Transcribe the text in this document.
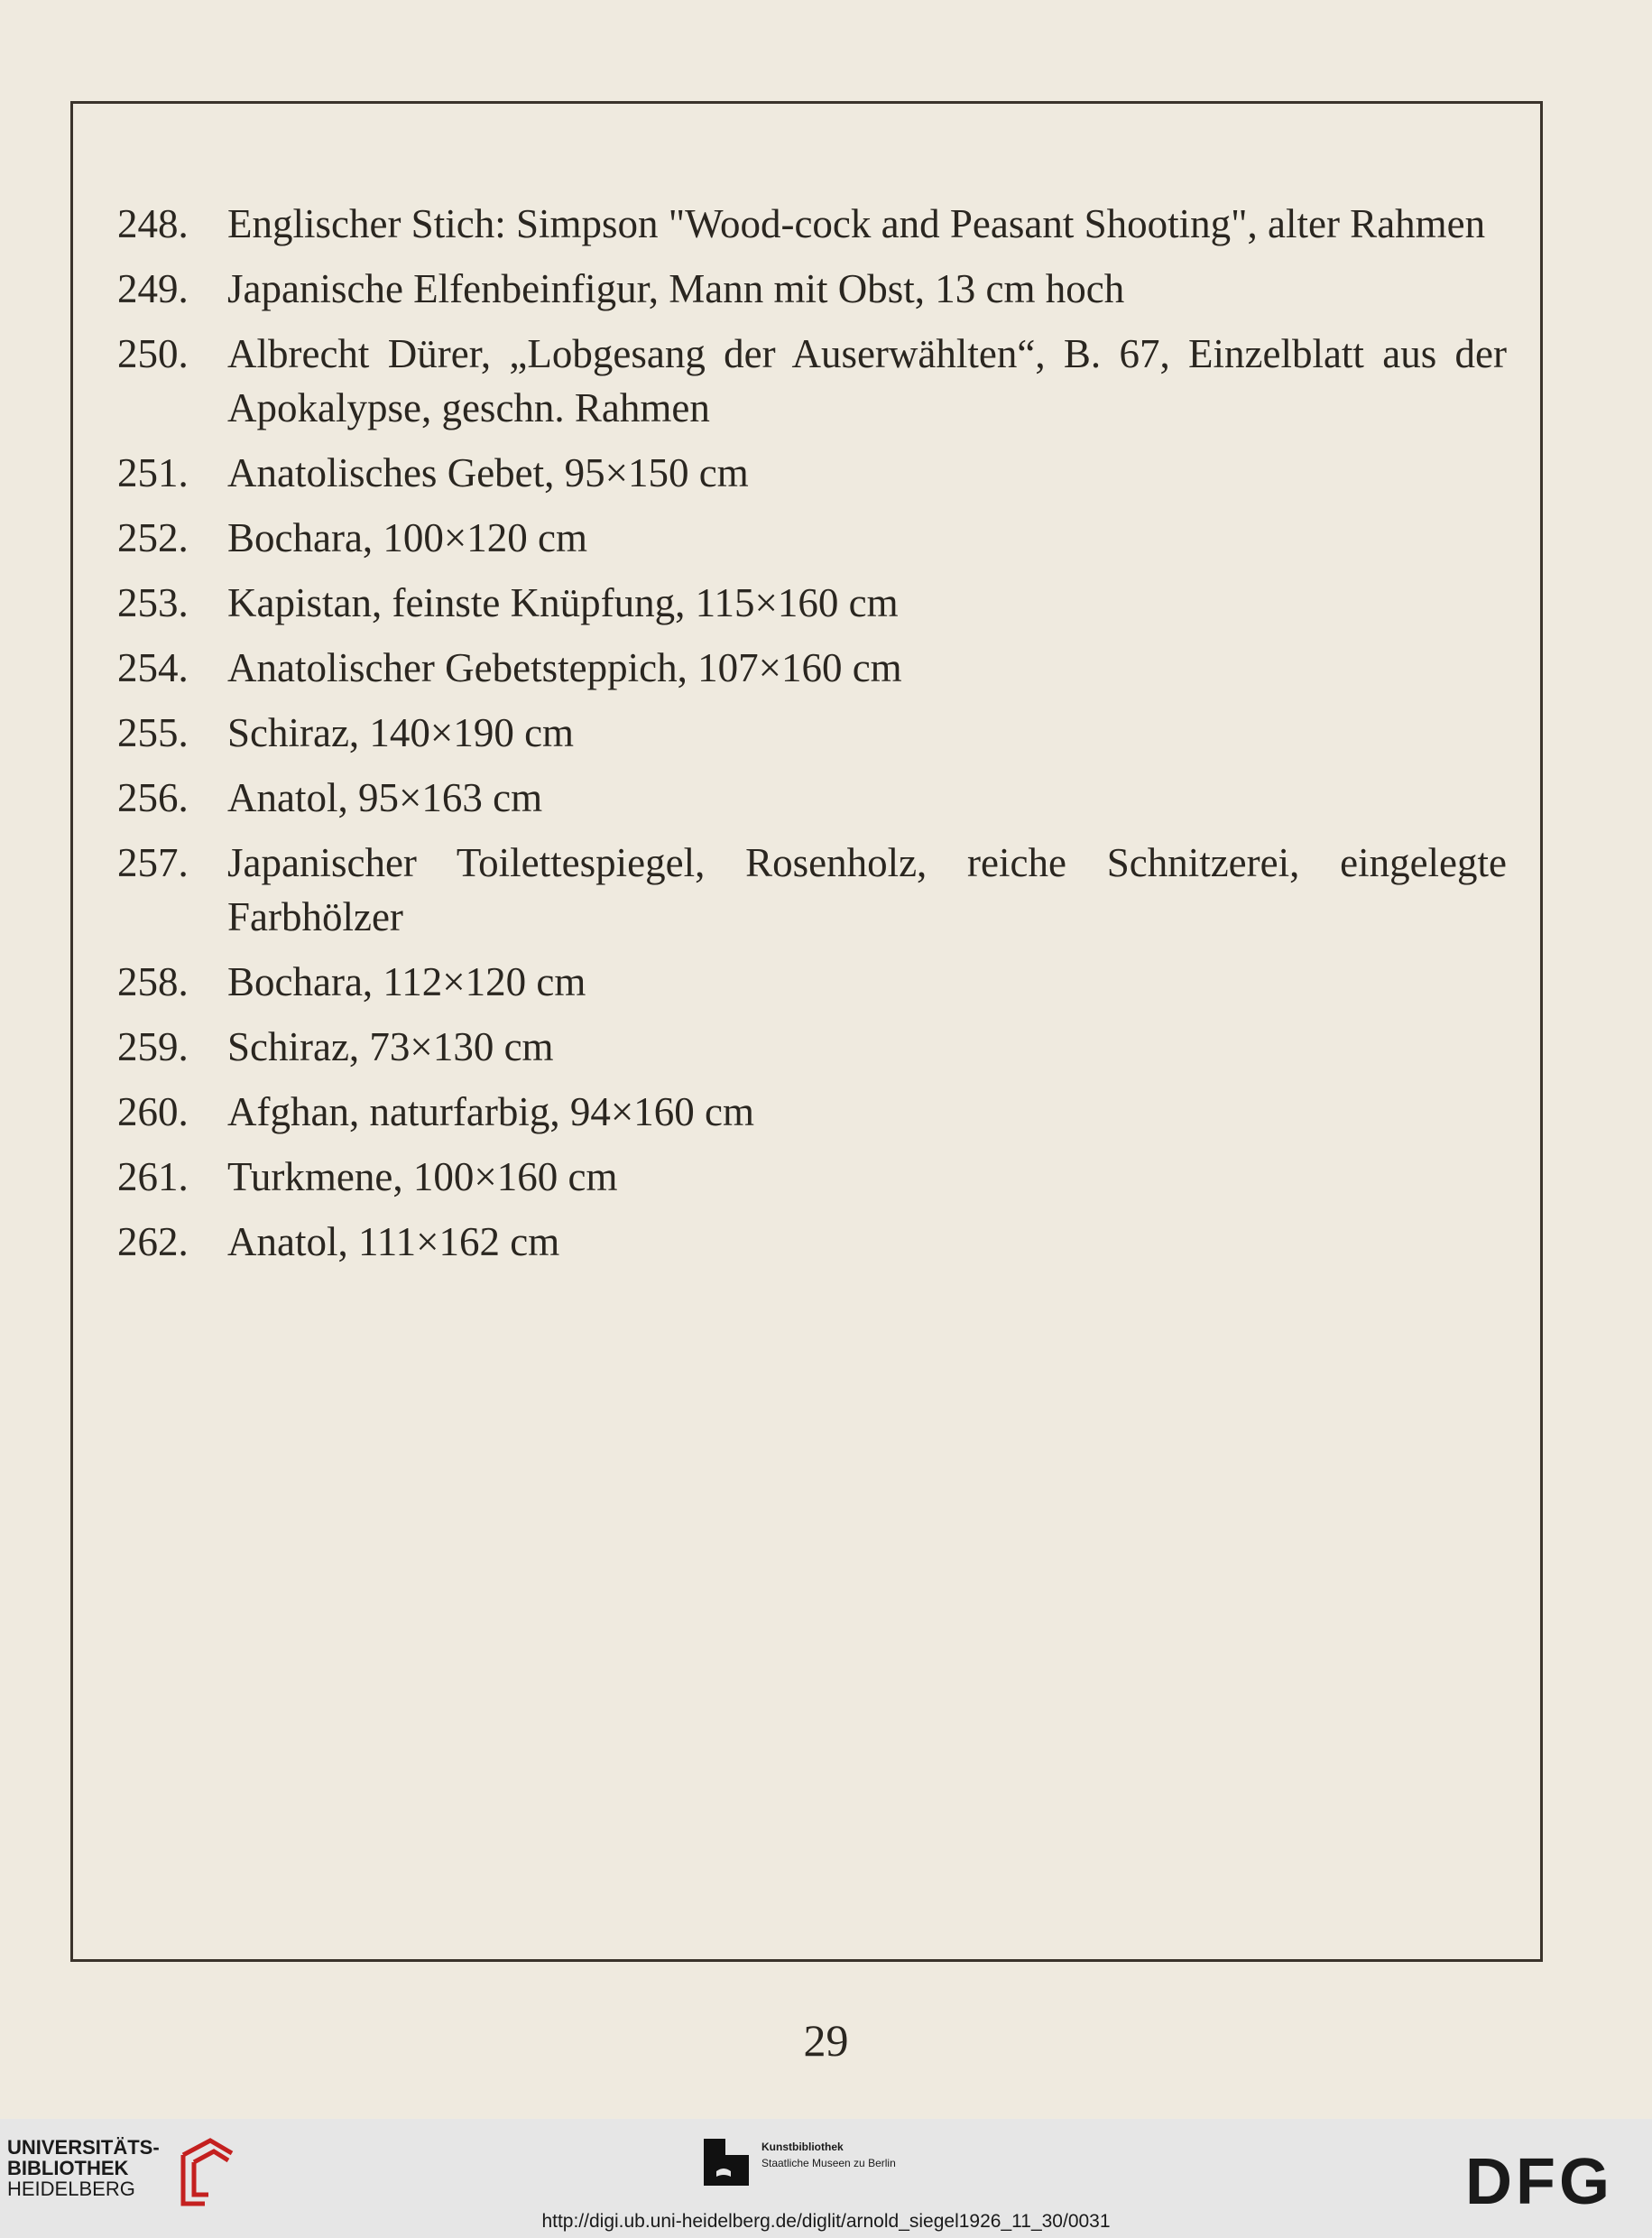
248. Englischer Stich: Simpson "Wood-cock and Peasant Shooting", alter Rahmen
249. Japanische Elfenbeinfigur, Mann mit Obst, 13 cm hoch
250. Albrecht Dürer, „Lobgesang der Auserwählten“, B. 67, Einzelblatt aus der Apokalypse, geschn. Rahmen
251. Anatolisches Gebet, 95×150 cm
252. Bochara, 100×120 cm
253. Kapistan, feinste Knüpfung, 115×160 cm
254. Anatolischer Gebetsteppich, 107×160 cm
255. Schiraz, 140×190 cm
256. Anatol, 95×163 cm
257. Japanischer Toilettespiegel, Rosenholz, reiche Schnitzerei, eingelegte Farbhölzer
258. Bochara, 112×120 cm
259. Schiraz, 73×130 cm
260. Afghan, naturfarbig, 94×160 cm
261. Turkmene, 100×160 cm
262. Anatol, 111×162 cm
29
UNIVERSITÄTS-
BIBLIOTHEK
HEIDELBERG
Kunstbibliothek
Staatliche Museen zu Berlin	DFG
http://digi.ub.uni-heidelberg.de/diglit/arnold_siegel1926_11_30/0031
